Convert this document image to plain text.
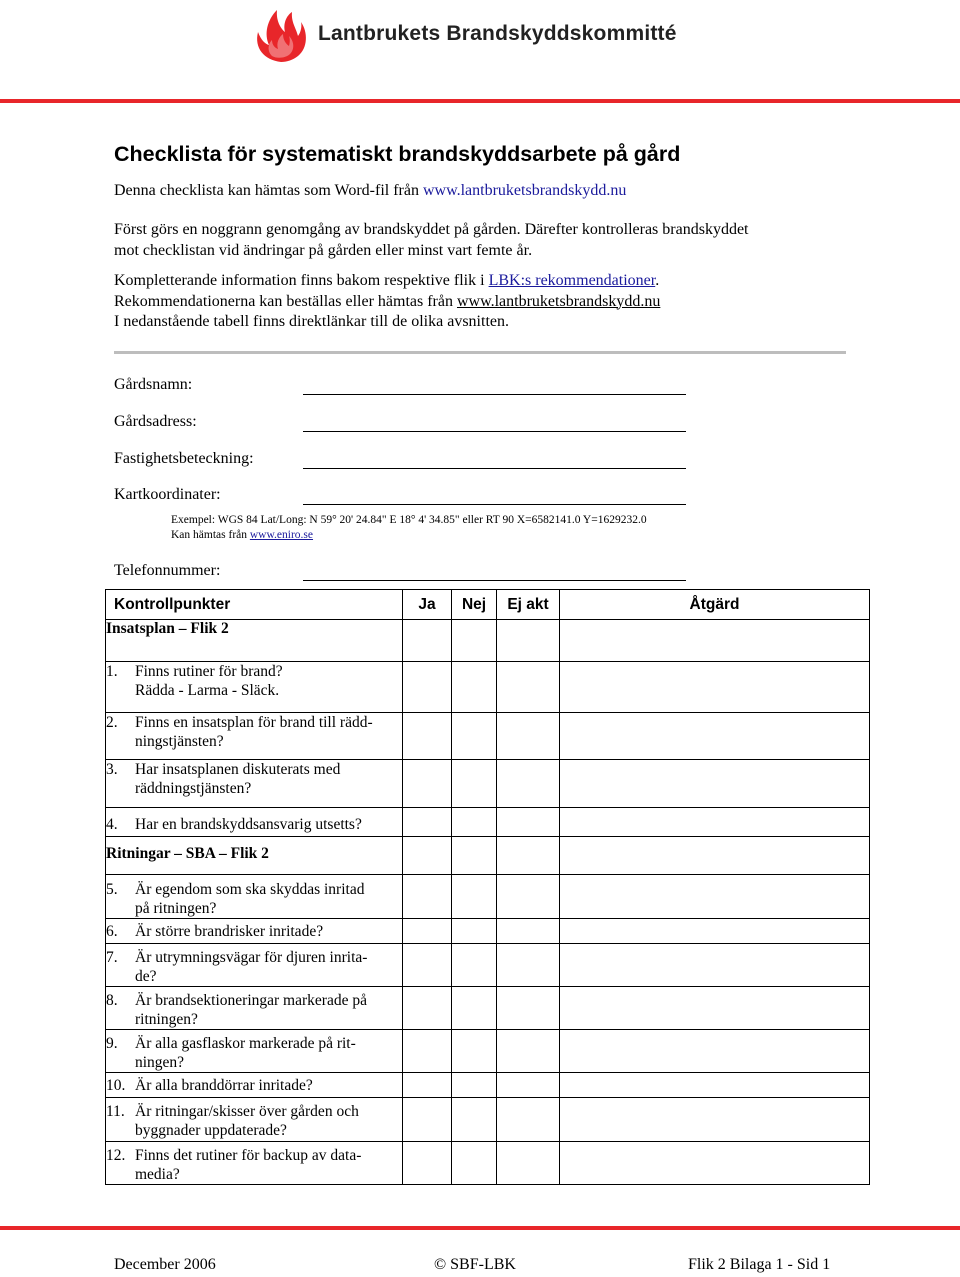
Lantbrukets Brandskyddskommitté
Checklista för systematiskt brandskyddsarbete på gård
Denna checklista kan hämtas som Word-fil från www.lantbruketsbrandskydd.nu
Först görs en noggrann genomgång av brandskyddet på gården. Därefter kontrolleras brandskyddet
mot checklistan vid ändringar på gården eller minst vart femte år.
Kompletterande information finns bakom respektive flik i LBK:s rekommendationer.
Rekommendationerna kan beställas eller hämtas från www.lantbruketsbrandskydd.nu
I nedanstående tabell finns direktlänkar till de olika avsnitten.
Gårdsnamn:
Gårdsadress:
Fastighetsbeteckning:
Kartkoordinater:
Exempel: WGS 84 Lat/Long: N 59° 20' 24.84" E 18° 4' 34.85" eller RT 90 X=6582141.0 Y=1629232.0
Kan hämtas från www.eniro.se
Telefonnummer:
Kontrollpunkter	Ja	Nej	Ej akt	Åtgärd
Insatsplan – Flik 2				
1. Finns rutiner för brand?
Rädda - Larma - Släck.				
2. Finns en insatsplan för brand till rädd-
ningstjänsten?				
3. Har insatsplanen diskuterats med
räddningstjänsten?				
4. Har en brandskyddsansvarig utsetts?				
Ritningar – SBA – Flik 2				
5. Är egendom som ska skyddas inritad
på ritningen?				
6. Är större brandrisker inritade?				
7. Är utrymningsvägar för djuren inrita-
de?				
8. Är brandsektioneringar markerade på
ritningen?				
9. Är alla gasflaskor markerade på rit-
ningen?				
10. Är alla branddörrar inritade?				
11. Är ritningar/skisser över gården och
byggnader uppdaterade?				
12. Finns det rutiner för backup av data-
media?				
December 2006	© SBF-LBK	Flik 2 Bilaga 1 - Sid 1
